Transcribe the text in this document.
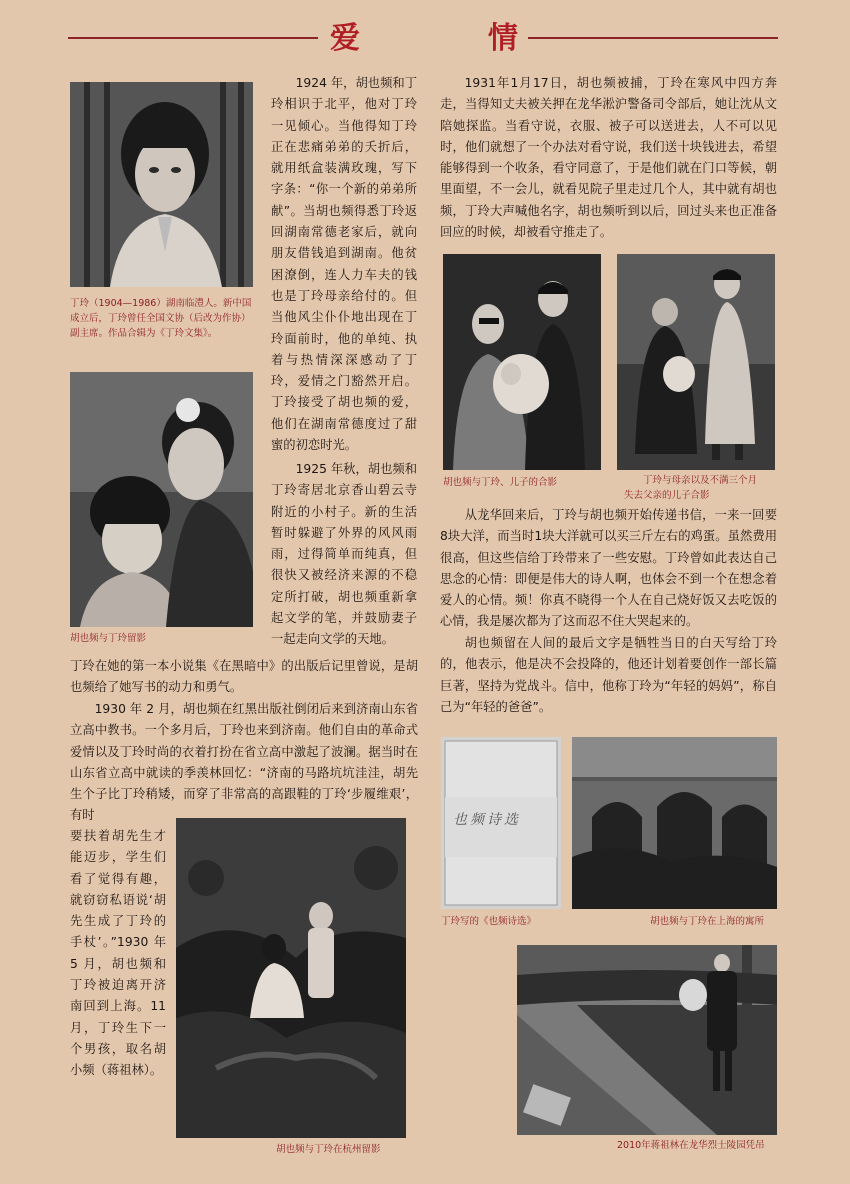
爱	情
丁玲（1904—1986）湖南临澧人。新中国成立后，丁玲曾任全国文协（后改为作协）副主席。作品合辑为《丁玲文集》。
胡也频与丁玲留影

1924 年，胡也频和丁玲相识于北平，他对丁玲一见倾心。当他得知丁玲正在悲痛弟弟的夭折后，就用纸盒装满玫瑰，写下字条：“你一个新的弟弟所献”。当胡也频得悉丁玲返回湖南常德老家后，就向朋友借钱追到湖南。他贫困潦倒，连人力车夫的钱也是丁玲母亲给付的。但当他风尘仆仆地出现在丁玲面前时，他的单纯、执着与热情深深感动了丁玲，爱情之门豁然开启。丁玲接受了胡也频的爱，他们在湖南常德度过了甜蜜的初恋时光。

1925 年秋，胡也频和丁玲寄居北京香山碧云寺附近的小村子。新的生活暂时躲避了外界的风风雨雨，过得简单而纯真，但很快又被经济来源的不稳定所打破，胡也频重新拿起文学的笔，并鼓励妻子一起走向文学的天地。

丁玲在她的第一本小说集《在黑暗中》的出版后记里曾说，是胡也频给了她写书的动力和勇气。

1930 年 2 月，胡也频在红黑出版社倒闭后来到济南山东省立高中教书。一个多月后，丁玲也来到济南。他们自由的革命式爱情以及丁玲时尚的衣着打扮在省立高中激起了波澜。据当时在山东省立高中就读的季羡林回忆：“济南的马路坑坑洼洼，胡先生个子比丁玲稍矮，而穿了非常高的高跟鞋的丁玲‘步履维艰’，有时

要扶着胡先生才能迈步，学生们看了觉得有趣，就窃窃私语说‘胡先生成了丁玲的手杖’。”1930 年 5 月，胡也频和丁玲被迫离开济南回到上海。11 月，丁玲生下一个男孩，取名胡小频（蒋祖林）。

胡也频与丁玲在杭州留影

1931年1月17日，胡也频被捕，丁玲在寒风中四方奔走，当得知丈夫被关押在龙华淞沪警备司令部后，她让沈从文陪她探监。当看守说，衣服、被子可以送进去，人不可以见时，他们就想了一个办法对看守说，我们送十块钱进去，希望能够得到一个收条，看守同意了，于是他们就在门口等候，朝里面望，不一会儿，就看见院子里走过几个人，其中就有胡也频，丁玲大声喊他名字，胡也频听到以后，回过头来也正准备回应的时候，却被看守推走了。

胡也频与丁玲、儿子的合影	丁玲与母亲以及不满三个月
失去父亲的儿子合影

从龙华回来后，丁玲与胡也频开始传递书信，一来一回要8块大洋，而当时1块大洋就可以买三斤左右的鸡蛋。虽然费用很高，但这些信给丁玲带来了一些安慰。丁玲曾如此表达自己思念的心情：即便是伟大的诗人啊，也体会不到一个在想念着爱人的心情。频！你真不晓得一个人在自己烧好饭又去吃饭的心情，我是屡次都为了这而忍不住大哭起来的。

胡也频留在人间的最后文字是牺牲当日的白天写给丁玲的，他表示，他是决不会投降的，他还计划着要创作一部长篇巨著，坚持为党战斗。信中，他称丁玲为“年轻的妈妈”，称自己为“年轻的爸爸”。

也频诗选
丁玲写的《也频诗选》	胡也频与丁玲在上海的寓所
2010年蒋祖林在龙华烈士陵园凭吊
